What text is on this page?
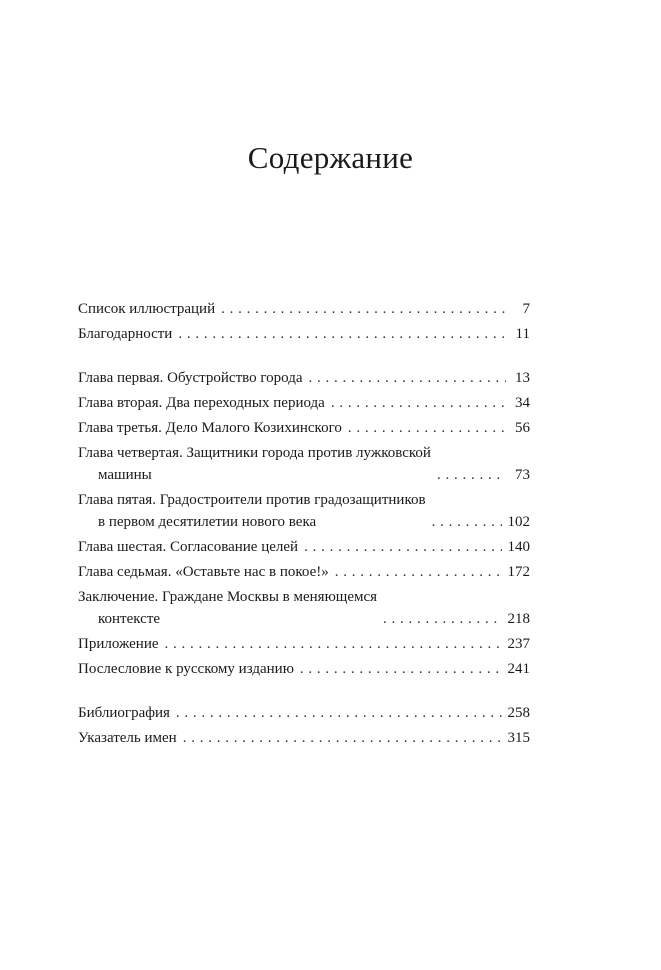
Содержание
Список иллюстраций . . .	7
Благодарности . . .	11
Глава первая. Обустройство города . . .	13
Глава вторая. Два переходных периода . . .	34
Глава третья. Дело Малого Козихинского . . .	56
Глава четвертая. Защитники города против лужковской
машины . . .	73
Глава пятая. Градостроители против градозащитников
в первом десятилетии нового века . . .	102
Глава шестая. Согласование целей . . .	140
Глава седьмая. «Оставьте нас в покое!» . . .	172
Заключение. Граждане Москвы в меняющемся
контексте . . .	218
Приложение . . .	237
Послесловие к русскому изданию . . .	241
Библиография . . .	258
Указатель имен . . .	315
